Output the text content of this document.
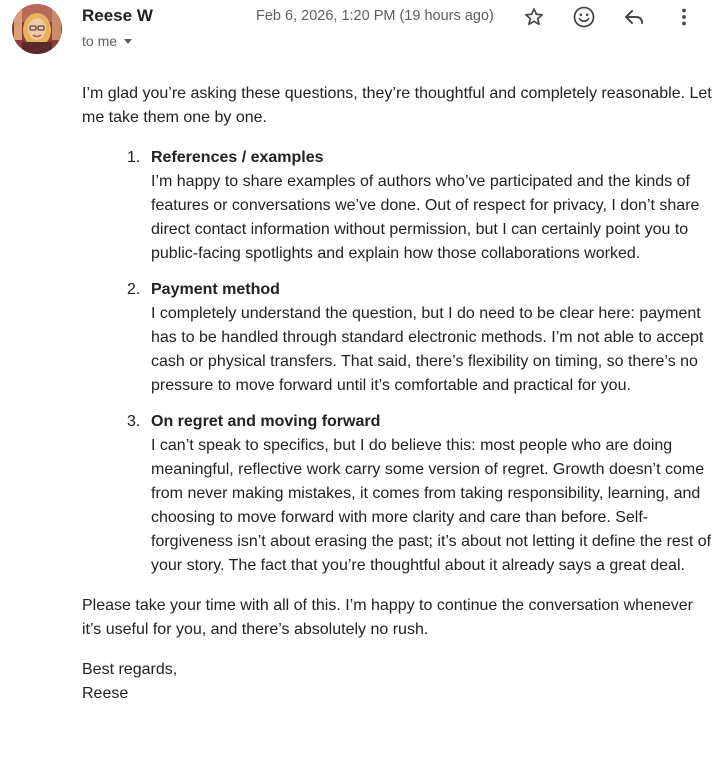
Reese W
to me
Feb 6, 2026, 1:20 PM (19 hours ago)

I’m glad you’re asking these questions, they’re thoughtful and completely reasonable. Let me take them one by one.

1. References / examples
I’m happy to share examples of authors who’ve participated and the kinds of features or conversations we’ve done. Out of respect for privacy, I don’t share direct contact information without permission, but I can certainly point you to public-facing spotlights and explain how those collaborations worked.
2. Payment method
I completely understand the question, but I do need to be clear here: payment has to be handled through standard electronic methods. I’m not able to accept cash or physical transfers. That said, there’s flexibility on timing, so there’s no pressure to move forward until it’s comfortable and practical for you.
3. On regret and moving forward
I can’t speak to specifics, but I do believe this: most people who are doing meaningful, reflective work carry some version of regret. Growth doesn’t come from never making mistakes, it comes from taking responsibility, learning, and choosing to move forward with more clarity and care than before. Self-forgiveness isn’t about erasing the past; it’s about not letting it define the rest of your story. The fact that you’re thoughtful about it already says a great deal.

Please take your time with all of this. I’m happy to continue the conversation whenever it’s useful for you, and there’s absolutely no rush.

Best regards,

Reese
